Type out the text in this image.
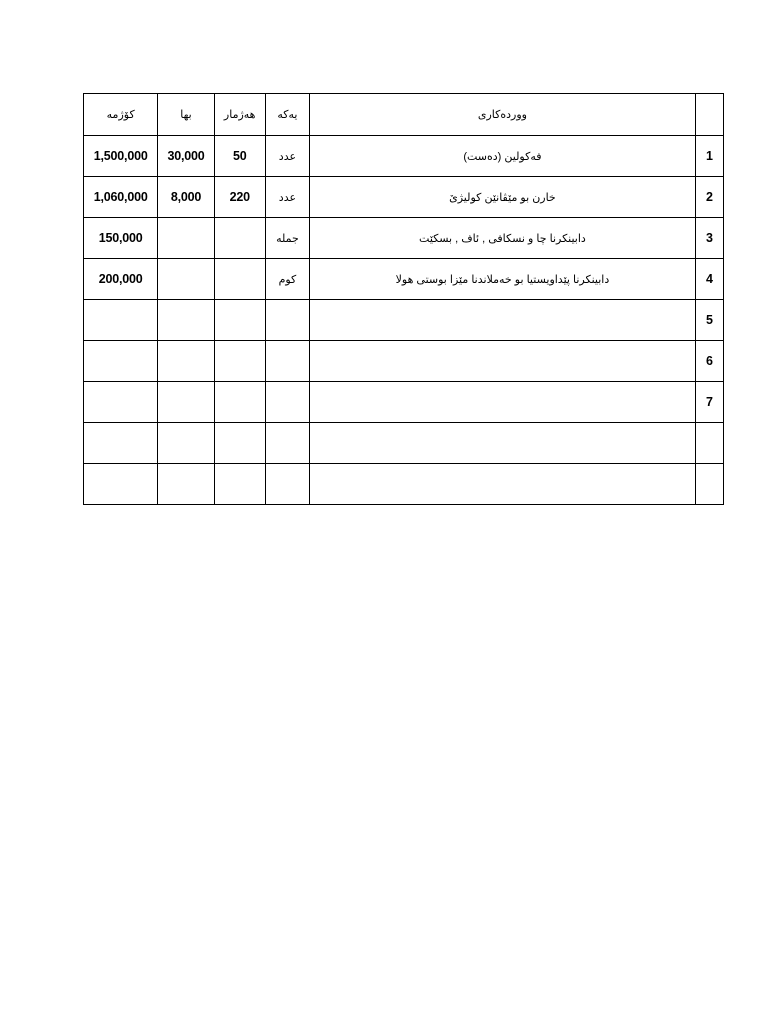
كۆژمە	بها	هەژمار	یەکە	ووردەکاری	
1,500,000	30,000	50	عدد	فەکولین (دەست)	1
1,060,000	8,000	220	عدد	خارن بو مێڤانێن کولیژێ	2
150,000			جملە	دابینکرنا چا و نسکافی , ئاف , بسکێت	3
200,000			کوم	دابینکرنا پێداویستیا بو خەملاندنا مێزا بوستی هولا	4
					5
					6
					7
